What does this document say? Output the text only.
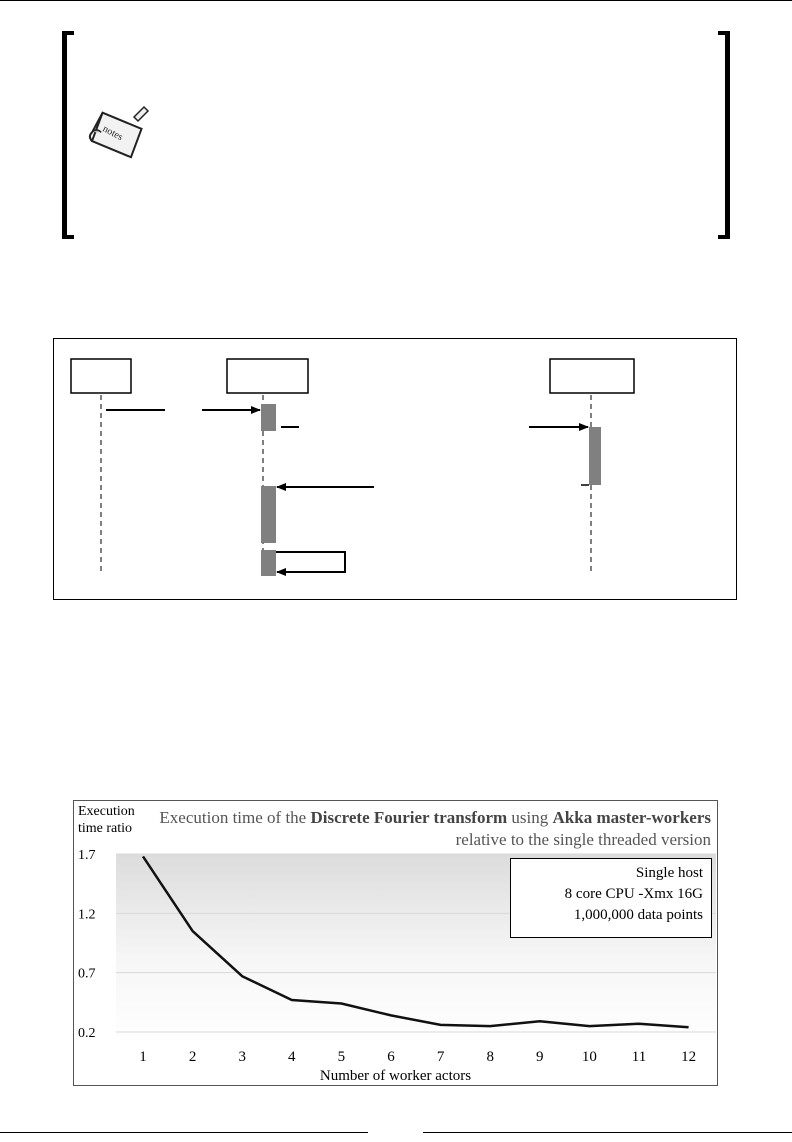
notes
0.2
0.7
1.2
1.7
1	2	3	4	5	6	7	8	9	10 11 12
Execution
time ratio
Execution time of the Discrete Fourier transform using Akka master-workers relative to the single threaded version
Single host
8 core CPU -Xmx 16G
1,000,000 data points
Number of worker actors
